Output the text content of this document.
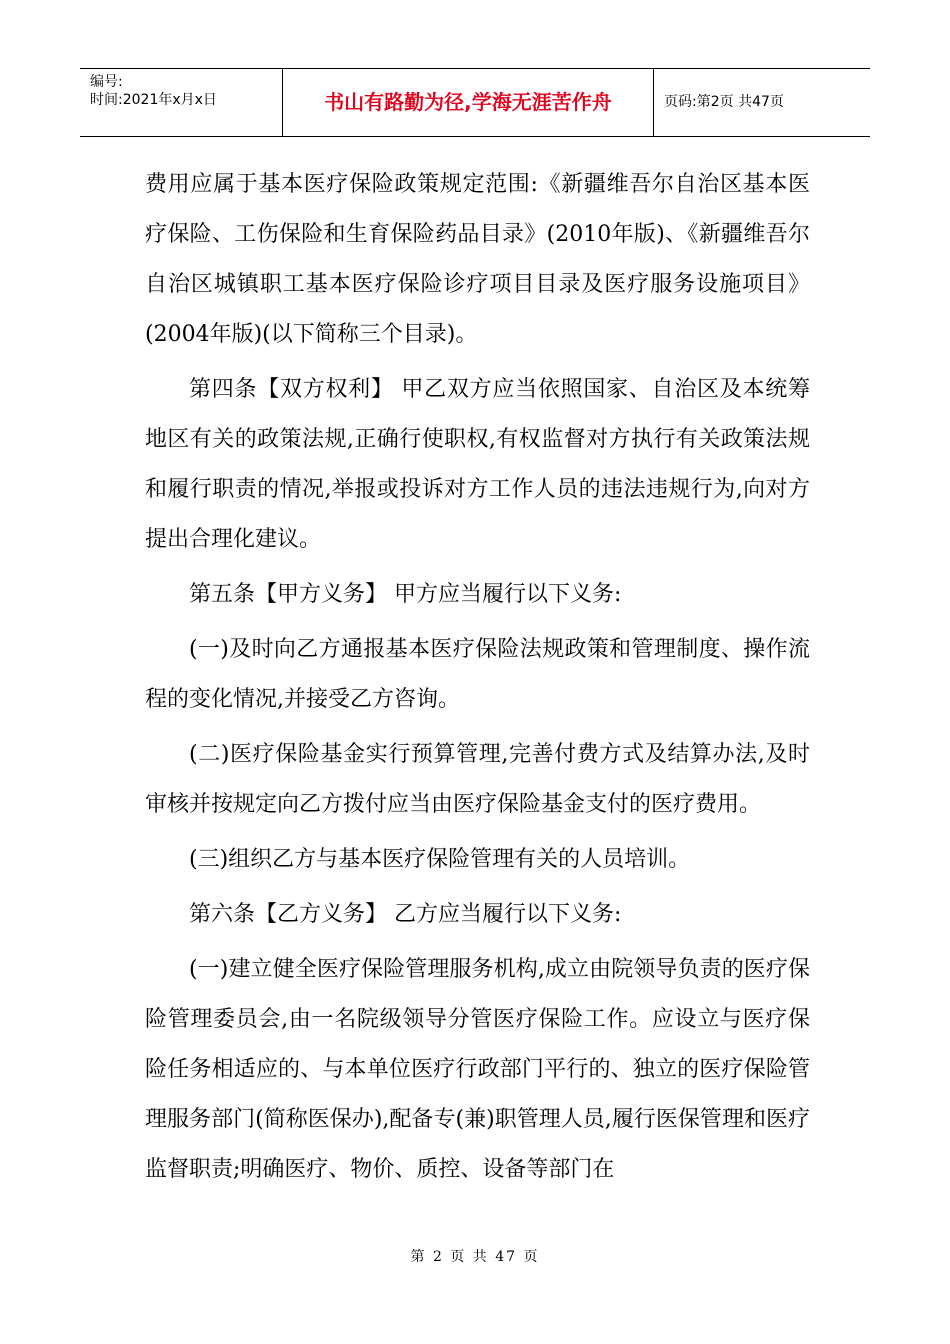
编号:
时间:2021年x月x日	书山有路勤为径,学海无涯苦作舟	页码:第2页 共47页

费用应属于基本医疗保险政策规定范围:《新疆维吾尔自治区基本医疗保险、工伤保险和生育保险药品目录》(2010年版)、《新疆维吾尔自治区城镇职工基本医疗保险诊疗项目目录及医疗服务设施项目》(2004年版)(以下简称三个目录)。

第四条【双方权利】 甲乙双方应当依照国家、自治区及本统筹地区有关的政策法规,正确行使职权,有权监督对方执行有关政策法规和履行职责的情况,举报或投诉对方工作人员的违法违规行为,向对方提出合理化建议。

第五条【甲方义务】 甲方应当履行以下义务:

(一)及时向乙方通报基本医疗保险法规政策和管理制度、操作流程的变化情况,并接受乙方咨询。

(二)医疗保险基金实行预算管理,完善付费方式及结算办法,及时审核并按规定向乙方拨付应当由医疗保险基金支付的医疗费用。

(三)组织乙方与基本医疗保险管理有关的人员培训。

第六条【乙方义务】 乙方应当履行以下义务:

(一)建立健全医疗保险管理服务机构,成立由院领导负责的医疗保险管理委员会,由一名院级领导分管医疗保险工作。应设立与医疗保险任务相适应的、与本单位医疗行政部门平行的、独立的医疗保险管理服务部门(简称医保办),配备专(兼)职管理人员,履行医保管理和医疗监督职责;明确医疗、物价、质控、设备等部门在

第 2 页 共 47 页
